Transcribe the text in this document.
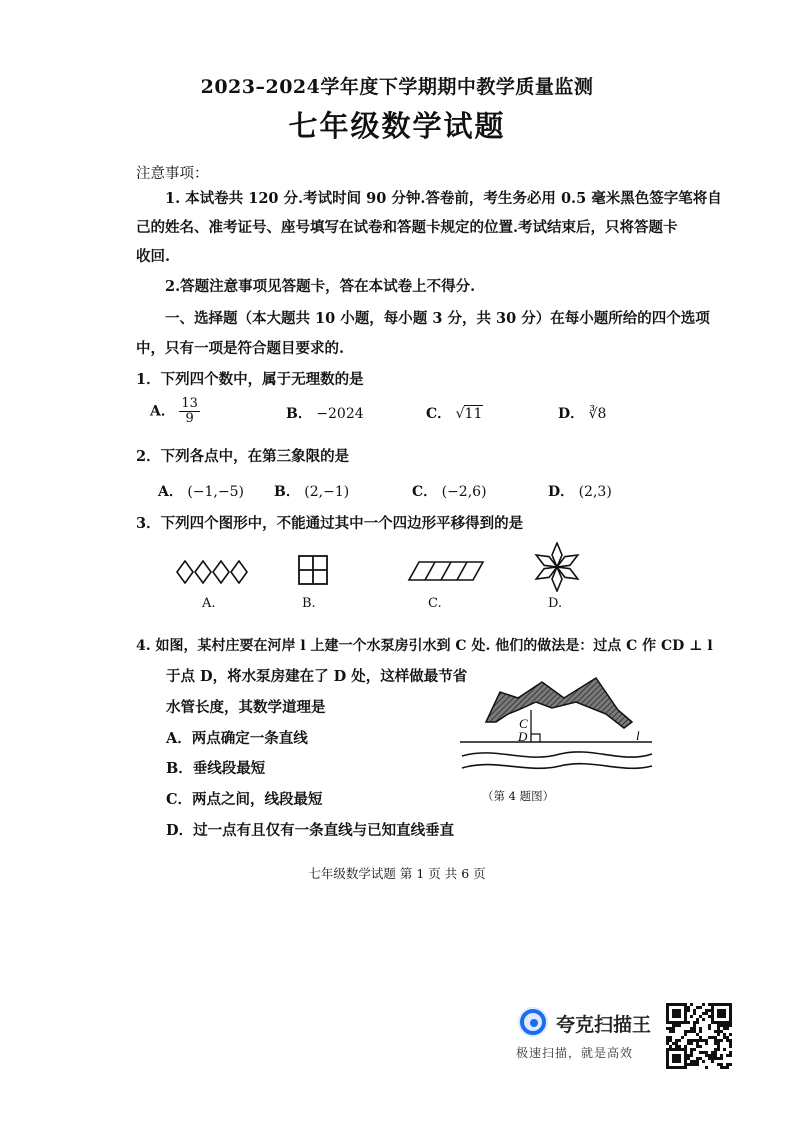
2023–2024学年度下学期期中教学质量监测
七年级数学试题
注意事项：
1. 本试卷共 120 分.考试时间 90 分钟.答卷前，考生务必用 0.5 毫米黑色签字笔将自
己的姓名、准考证号、座号填写在试卷和答题卡规定的位置.考试结束后，只将答题卡
收回.
2.答题注意事项见答题卡，答在本试卷上不得分.
一、选择题（本大题共 10 小题，每小题 3 分，共 30 分）在每小题所给的四个选项
中，只有一项是符合题目要求的.
1．下列四个数中，属于无理数的是
A． $\frac{13}{9}$	B． −2024	C． √11	D． ∛8
2．下列各点中，在第三象限的是
A． (−1,−5) B． (2,−1)	C． (−2,6)	D． (2,3)
3．下列四个图形中，不能通过其中一个四边形平移得到的是
A.	B.	C.	D.
4. 如图，某村庄要在河岸 l 上建一个水泵房引水到 C 处. 他们的做法是：过点 C 作 CD ⊥ l
于点 D，将水泵房建在了 D 处，这样做最节省
水管长度，其数学道理是
A．两点确定一条直线
B．垂线段最短
C．两点之间，线段最短
D．过一点有且仅有一条直线与已知直线垂直
C
D	l
（第 4 题图）
七年级数学试题 第 1 页 共 6 页
夸克扫描王
极速扫描，就是高效
